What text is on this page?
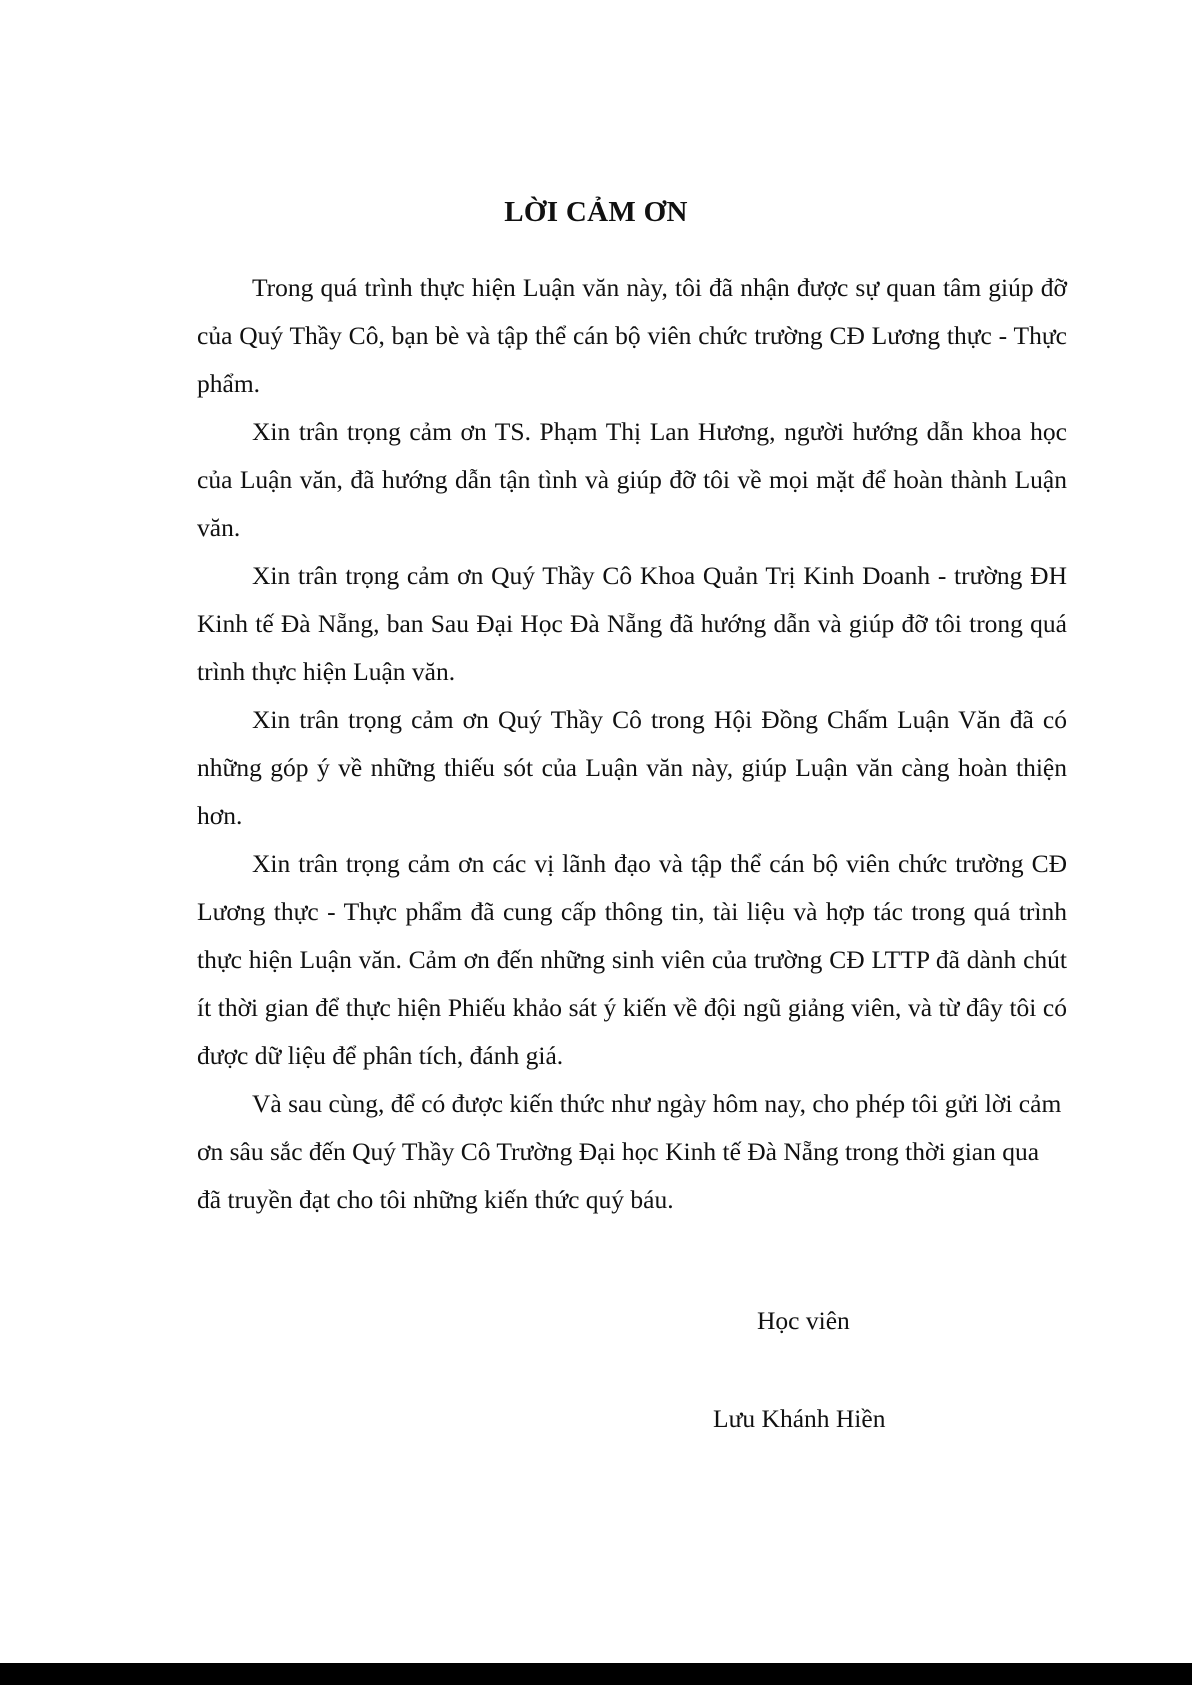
LỜI CẢM ƠN

Trong quá trình thực hiện Luận văn này, tôi đã nhận được sự quan tâm giúp đỡ của Quý Thầy Cô, bạn bè và tập thể cán bộ viên chức trường CĐ Lương thực - Thực phẩm.

Xin trân trọng cảm ơn TS. Phạm Thị Lan Hương, người hướng dẫn khoa học của Luận văn, đã hướng dẫn tận tình và giúp đỡ tôi về mọi mặt để hoàn thành Luận văn.

Xin trân trọng cảm ơn Quý Thầy Cô Khoa Quản Trị Kinh Doanh - trường ĐH Kinh tế Đà Nẵng, ban Sau Đại Học Đà Nẵng đã hướng dẫn và giúp đỡ tôi trong quá trình thực hiện Luận văn.

Xin trân trọng cảm ơn Quý Thầy Cô trong Hội Đồng Chấm Luận Văn đã có những góp ý về những thiếu sót của Luận văn này, giúp Luận văn càng hoàn thiện hơn.

Xin trân trọng cảm ơn các vị lãnh đạo và tập thể cán bộ viên chức trường CĐ Lương thực - Thực phẩm đã cung cấp thông tin, tài liệu và hợp tác trong quá trình thực hiện Luận văn. Cảm ơn đến những sinh viên của trường CĐ LTTP đã dành chút ít thời gian để thực hiện Phiếu khảo sát ý kiến về đội ngũ giảng viên, và từ đây tôi có được dữ liệu để phân tích, đánh giá.

Và sau cùng, để có được kiến thức như ngày hôm nay, cho phép tôi gửi lời cảm ơn sâu sắc đến Quý Thầy Cô Trường Đại học Kinh tế Đà Nẵng trong thời gian qua đã truyền đạt cho tôi những kiến thức quý báu.

Học viên

Lưu Khánh Hiền
